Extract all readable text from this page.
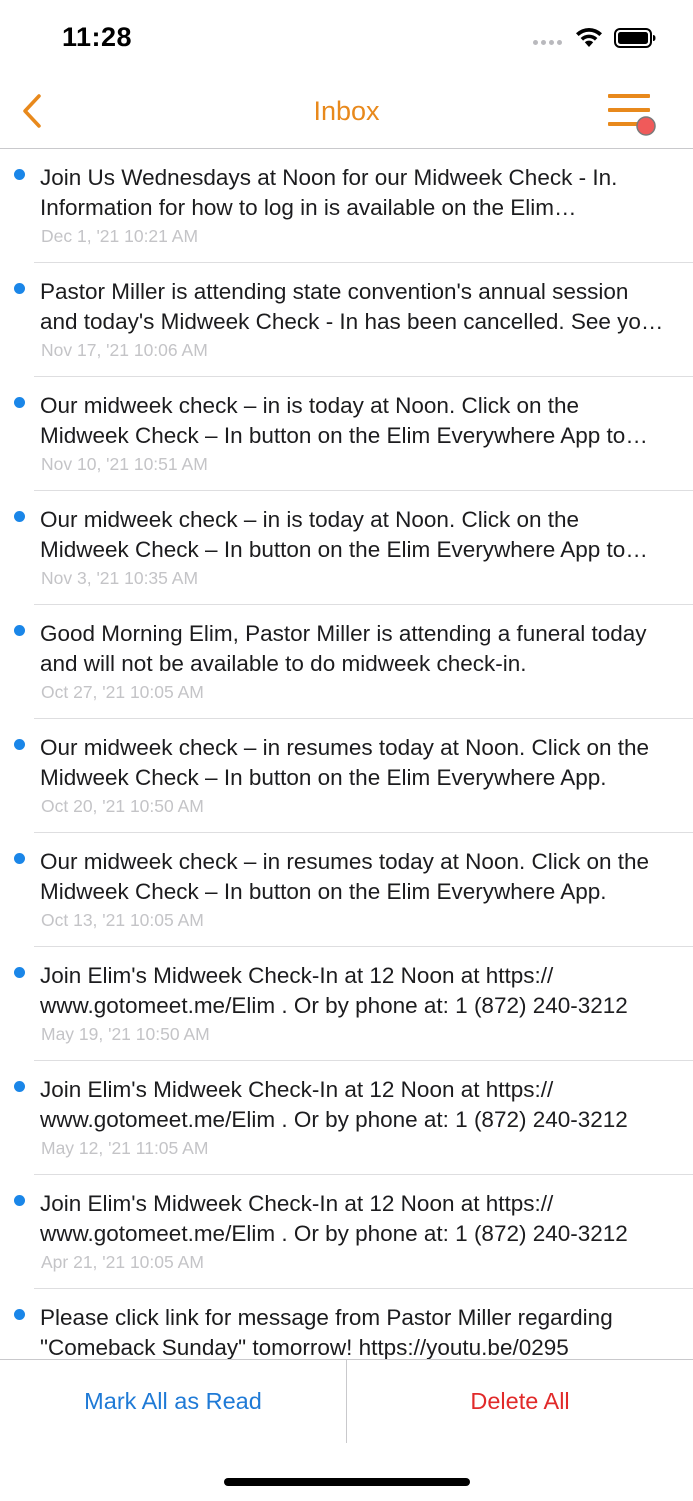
11:28
Inbox
Join Us Wednesdays at Noon for our Midweek Check - In. Information for how to log in is available on the Elim
Dec 1, '21 10:21 AM
Pastor Miller is attending state convention's annual session and today's Midweek Check - In has been cancelled. See you
Nov 17, '21 10:06 AM
Our midweek check – in is today at Noon. Click on the Midweek Check – In button on the Elim Everywhere App to
Nov 10, '21 10:51 AM
Our midweek check – in is today at Noon. Click on the Midweek Check – In button on the Elim Everywhere App to
Nov 3, '21 10:35 AM
Good Morning Elim, Pastor Miller is attending a funeral today and will not be available to do midweek check-in.
Oct 27, '21 10:05 AM
Our midweek check – in resumes today at Noon. Click on the Midweek Check – In button on the Elim Everywhere App.
Oct 20, '21 10:50 AM
Our midweek check – in resumes today at Noon. Click on the Midweek Check – In button on the Elim Everywhere App.
Oct 13, '21 10:05 AM
Join Elim's Midweek Check-In at 12 Noon at https:// www.gotomeet.me/Elim . Or by phone at: 1 (872) 240-3212
May 19, '21 10:50 AM
Join Elim's Midweek Check-In at 12 Noon at https:// www.gotomeet.me/Elim . Or by phone at: 1 (872) 240-3212
May 12, '21 11:05 AM
Join Elim's Midweek Check-In at 12 Noon at https:// www.gotomeet.me/Elim . Or by phone at: 1 (872) 240-3212
Apr 21, '21 10:05 AM
Please click link for message from Pastor Miller regarding "Comeback Sunday" tomorrow! https://youtu.be/0295
Mark All as Read	Delete All
